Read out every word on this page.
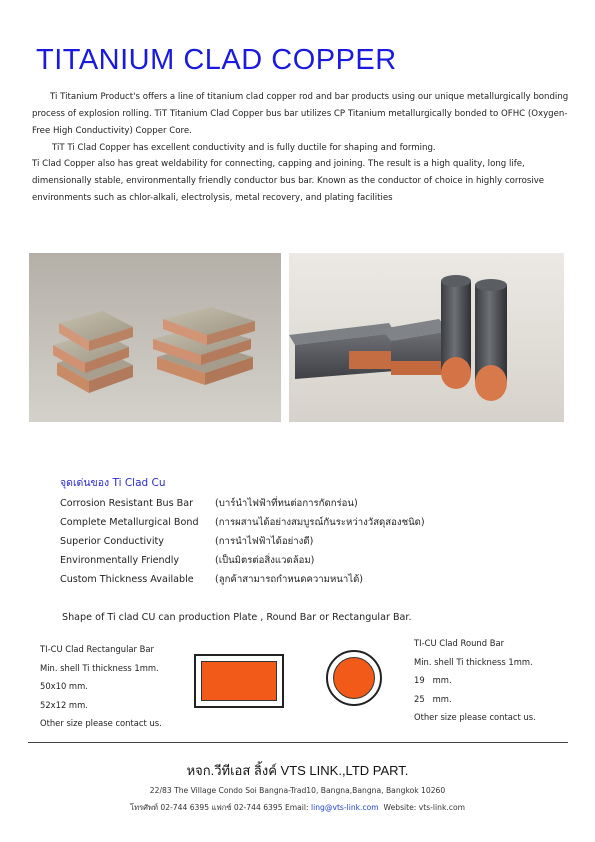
TITANIUM CLAD COPPER

Ti Titanium Product's offers a line of titanium clad copper rod and bar products using our unique metallurgically bonding process of explosion rolling. TiT Titanium Clad Copper bus bar utilizes CP Titanium metallurgically bonded to OFHC (Oxygen-Free High Conductivity) Copper Core.

TiT Ti Clad Copper has excellent conductivity and is fully ductile for shaping and forming.

Ti Clad Copper also has great weldability for connecting, capping and joining. The result is a high quality, long life, dimensionally stable, environmentally friendly conductor bus bar. Known as the conductor of choice in highly corrosive environments such as chlor-alkali, electrolysis, metal recovery, and plating facilities

จุดเด่นของ Ti Clad Cu
Corrosion Resistant Bus Bar (บาร์นำไฟฟ้าที่ทนต่อการกัดกร่อน)
Complete Metallurgical Bond (การผสานได้อย่างสมบูรณ์กันระหว่างวัสดุสองชนิด)
Superior Conductivity	(การนำไฟฟ้าได้อย่างดี)
Environmentally Friendly	(เป็นมิตรต่อสิ่งแวดล้อม)
Custom Thickness Available (ลูกค้าสามารถกำหนดความหนาได้)
Shape of Ti clad CU can production Plate , Round Bar or Rectangular Bar.
TI-CU Clad Rectangular Bar
Min. shell Ti thickness 1mm.
50x10 mm.
52x12 mm.
Other size please contact us.
TI-CU Clad Round Bar
Min. shell Ti thickness 1mm.
19   mm.
25   mm.
Other size please contact us.
หจก.วีทีเอส ลิ้งค์ VTS LINK.,LTD PART.
22/83 The Village Condo Soi Bangna-Trad10, Bangna,Bangna, Bangkok 10260
โทรศัพท์ 02-744 6395 แฟกซ์ 02-744 6395 Email: ling@vts-link.com  Website: vts-link.com
